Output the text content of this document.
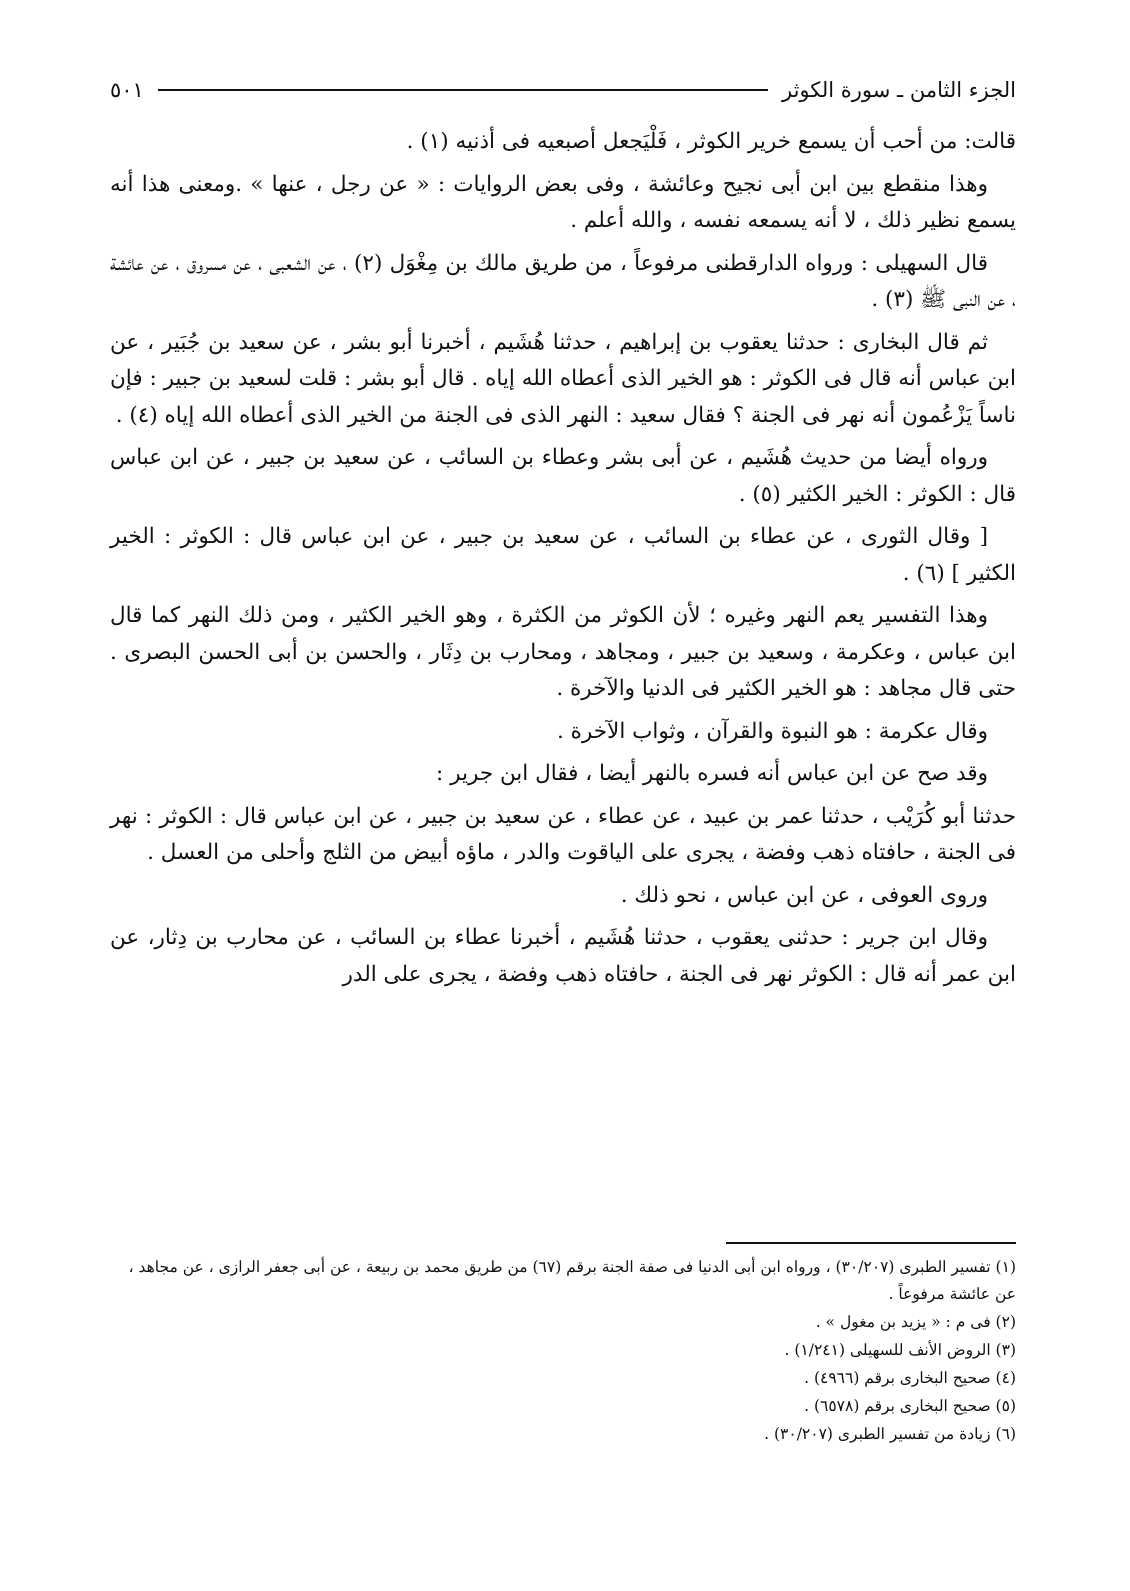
الجزء الثامن ـ سورة الكوثر
٥٠١

قالت: من أحب أن يسمع خرير الكوثر ، فَلْيَجعل أصبعيه فى أذنيه (١) .

وهذا منقطع بين ابن أبى نجيح وعائشة ، وفى بعض الروايات : « عن رجل ، عنها » .ومعنى هذا أنه يسمع نظير ذلك ، لا أنه يسمعه نفسه ، والله أعلم .

قال السهيلى : ورواه الدارقطنى مرفوعاً ، من طريق مالك بن مِغْوَل (٢) ، عن الشعبى ، عن مسروق ، عن عائشة ، عن النبى ﷺ (٣) .

ثم قال البخارى : حدثنا يعقوب بن إبراهيم ، حدثنا هُشَيم ، أخبرنا أبو بشر ، عن سعيد بن جُبَير ، عن ابن عباس أنه قال فى الكوثر : هو الخير الذى أعطاه الله إياه . قال أبو بشر : قلت لسعيد بن جبير : فإن ناساً يَزْعُمون أنه نهر فى الجنة ؟ فقال سعيد : النهر الذى فى الجنة من الخير الذى أعطاه الله إياه (٤) .

ورواه أيضا من حديث هُشَيم ، عن أبى بشر وعطاء بن السائب ، عن سعيد بن جبير ، عن ابن عباس قال : الكوثر : الخير الكثير (٥) .

[ وقال الثورى ، عن عطاء بن السائب ، عن سعيد بن جبير ، عن ابن عباس قال : الكوثر : الخير الكثير ] (٦) .

وهذا التفسير يعم النهر وغيره ؛ لأن الكوثر من الكثرة ، وهو الخير الكثير ، ومن ذلك النهر كما قال ابن عباس ، وعكرمة ، وسعيد بن جبير ، ومجاهد ، ومحارب بن دِثَار ، والحسن بن أبى الحسن البصرى . حتى قال مجاهد : هو الخير الكثير فى الدنيا والآخرة .

وقال عكرمة : هو النبوة والقرآن ، وثواب الآخرة .

وقد صح عن ابن عباس أنه فسره بالنهر أيضا ، فقال ابن جرير :

حدثنا أبو كُرَيْب ، حدثنا عمر بن عبيد ، عن عطاء ، عن سعيد بن جبير ، عن ابن عباس قال : الكوثر : نهر فى الجنة ، حافتاه ذهب وفضة ، يجرى على الياقوت والدر ، ماؤه أبيض من الثلج وأحلى من العسل .

وروى العوفى ، عن ابن عباس ، نحو ذلك .

وقال ابن جرير : حدثنى يعقوب ، حدثنا هُشَيم ، أخبرنا عطاء بن السائب ، عن محارب بن دِثار، عن ابن عمر أنه قال : الكوثر نهر فى الجنة ، حافتاه ذهب وفضة ، يجرى على الدر

(١) تفسير الطبرى (٣٠/٢٠٧) ، ورواه ابن أبى الدنيا فى صفة الجنة برقم (٦٧) من طريق محمد بن ربيعة ، عن أبى جعفر الرازى ، عن مجاهد ، عن عائشة مرفوعاً .
(٢) فى م : « يزيد بن مغول » .
(٣) الروض الأنف للسهيلى (١/٢٤١) .
(٤) صحيح البخارى برقم (٤٩٦٦) .
(٥) صحيح البخارى برقم (٦٥٧٨) .
(٦) زيادة من تفسير الطبرى (٣٠/٢٠٧) .
